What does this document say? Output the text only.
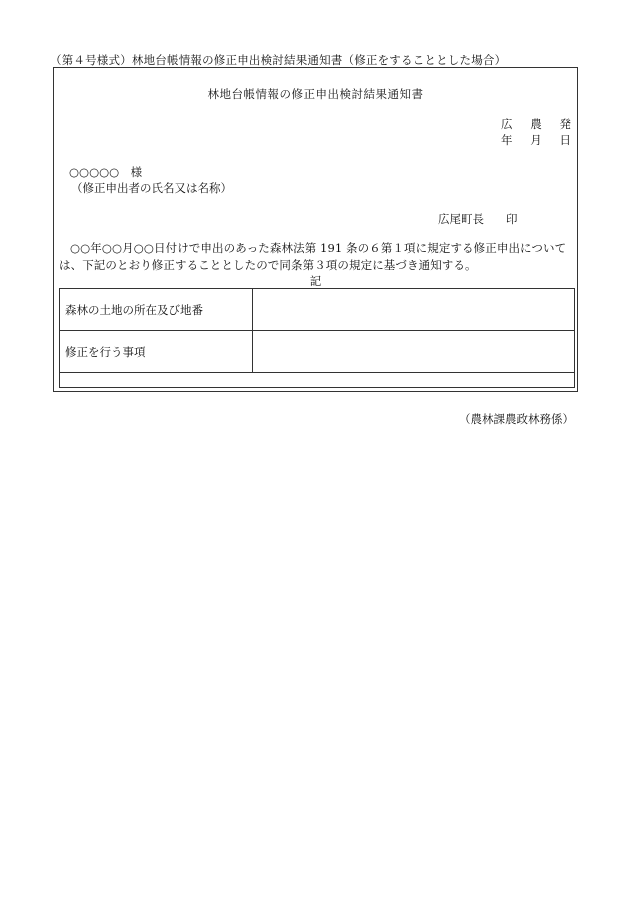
（第４号様式）林地台帳情報の修正申出検討結果通知書（修正をすることとした場合）
林地台帳情報の修正申出検討結果通知書
広 農 発
年 月 日
○○○○○　様
（修正申出者の氏名又は名称）
広尾町長 印
○○年○○月○○日付けで申出のあった森林法第 191 条の６第１項に規定する修正申出については、下記のとおり修正することとしたので同条第３項の規定に基づき通知する。
記
森林の土地の所在及び地番	
修正を行う事項	

（農林課農政林務係）
